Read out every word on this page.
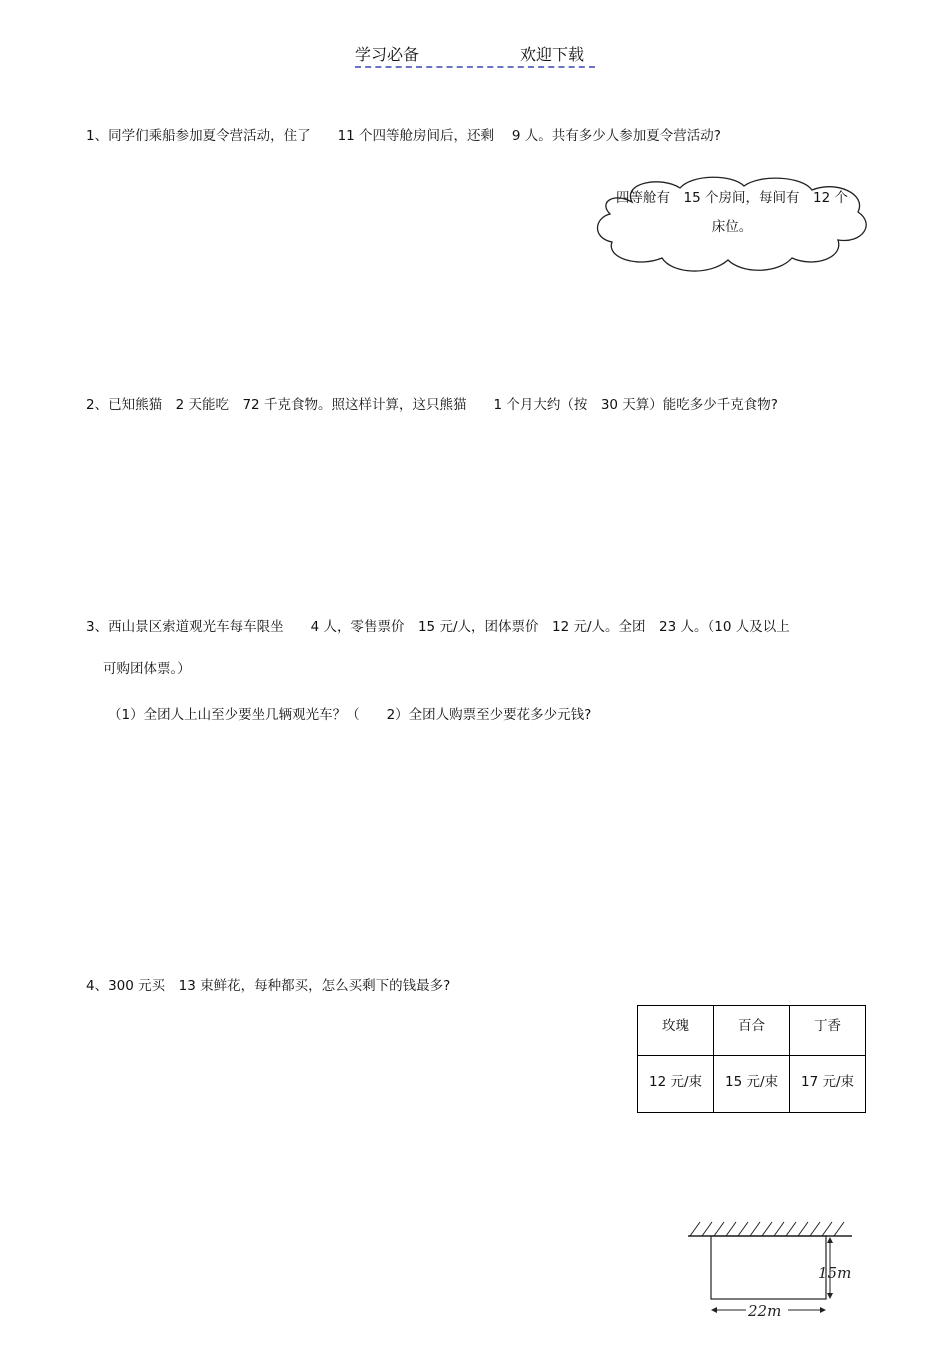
学习必备	欢迎下载
1、同学们乘船参加夏令营活动，住了　　11 个四等舱房间后，还剩　 9 人。共有多少人参加夏令营活动?
四等舱有　15 个房间，每间有　12 个
床位。
2、已知熊猫　2 天能吃　72 千克食物。照这样计算，这只熊猫　　1 个月大约（按　30 天算）能吃多少千克食物?
3、西山景区索道观光车每车限坐　　4 人，零售票价　15 元/人，团体票价　12 元/人。全团　23 人。（10 人及以上
可购团体票。）
（1）全团人上山至少要坐几辆观光车？（　　2）全团人购票至少要花多少元钱?
4、300 元买　13 束鲜花，每种都买，怎么买剩下的钱最多?
玫瑰	百合	丁香
12 元/束	15 元/束	17 元/束
15m
22m
